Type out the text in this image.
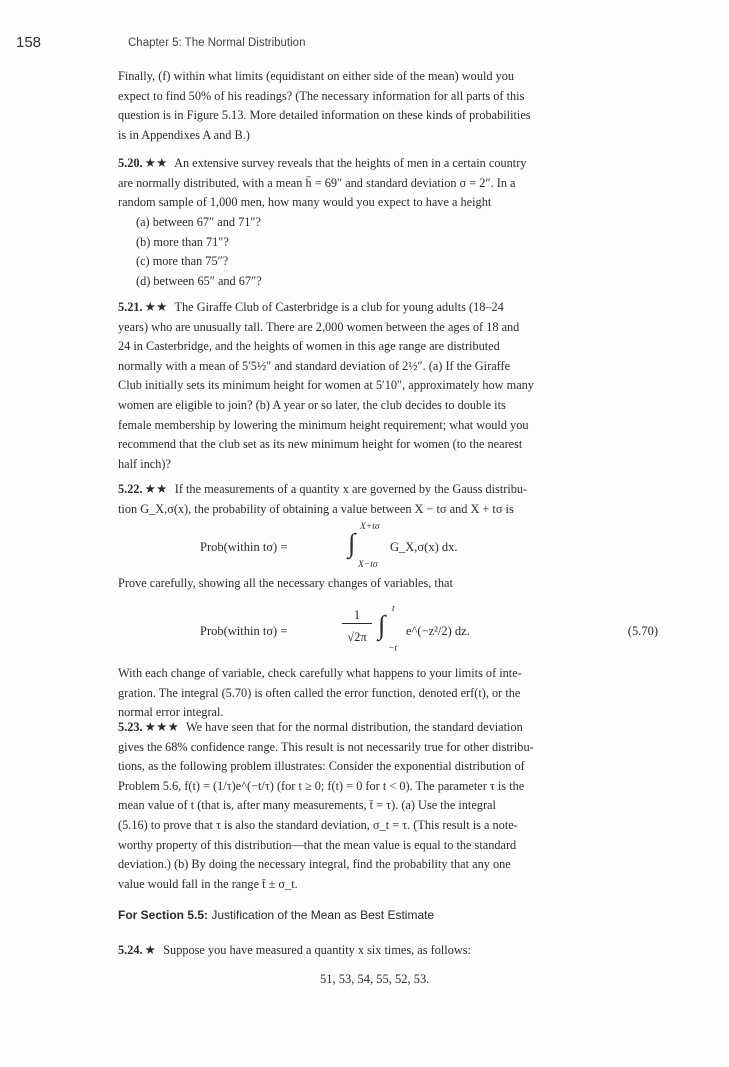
158	Chapter 5: The Normal Distribution

Finally, (f) within what limits (equidistant on either side of the mean) would you

expect to find 50% of his readings? (The necessary information for all parts of this

question is in Figure 5.13. More detailed information on these kinds of probabilities

is in Appendixes A and B.)

5.20. ★★ An extensive survey reveals that the heights of men in a certain country

are normally distributed, with a mean h̄ = 69″ and standard deviation σ = 2″. In a

random sample of 1,000 men, how many would you expect to have a height

(a) between 67″ and 71″?
(b) more than 71″?
(c) more than 75″?
(d) between 65″ and 67″?

5.21. ★★ The Giraffe Club of Casterbridge is a club for young adults (18–24

years) who are unusually tall. There are 2,000 women between the ages of 18 and

24 in Casterbridge, and the heights of women in this age range are distributed

normally with a mean of 5′5½″ and standard deviation of 2½″. (a) If the Giraffe

Club initially sets its minimum height for women at 5′10″, approximately how many

women are eligible to join? (b) A year or so later, the club decides to double its

female membership by lowering the minimum height requirement; what would you

recommend that the club set as its new minimum height for women (to the nearest

half inch)?

5.22. ★★ If the measurements of a quantity x are governed by the Gauss distribu-

tion G_X,σ(x), the probability of obtaining a value between X − tσ and X + tσ is

Prob(within tσ) = ∫
X+tσ
X−tσ
G_X,σ(x) dx.

Prove carefully, showing all the necessary changes of variables, that

Prob(within tσ) =
1
√2π ∫
t
−t
e^(−z²/2) dz.	(5.70)

With each change of variable, check carefully what happens to your limits of inte-

gration. The integral (5.70) is often called the error function, denoted erf(t), or the

normal error integral.

5.23. ★★★ We have seen that for the normal distribution, the standard deviation

gives the 68% confidence range. This result is not necessarily true for other distribu-

tions, as the following problem illustrates: Consider the exponential distribution of

Problem 5.6, f(t) = (1/τ)e^(−t/τ) (for t ≥ 0; f(t) = 0 for t < 0). The parameter τ is the

mean value of t (that is, after many measurements, t̄ = τ). (a) Use the integral

(5.16) to prove that τ is also the standard deviation, σ_t = τ. (This result is a note-

worthy property of this distribution—that the mean value is equal to the standard

deviation.) (b) By doing the necessary integral, find the probability that any one

value would fall in the range t̄ ± σ_t.

For Section 5.5: Justification of the Mean as Best Estimate

5.24. ★ Suppose you have measured a quantity x six times, as follows:

51, 53, 54, 55, 52, 53.
